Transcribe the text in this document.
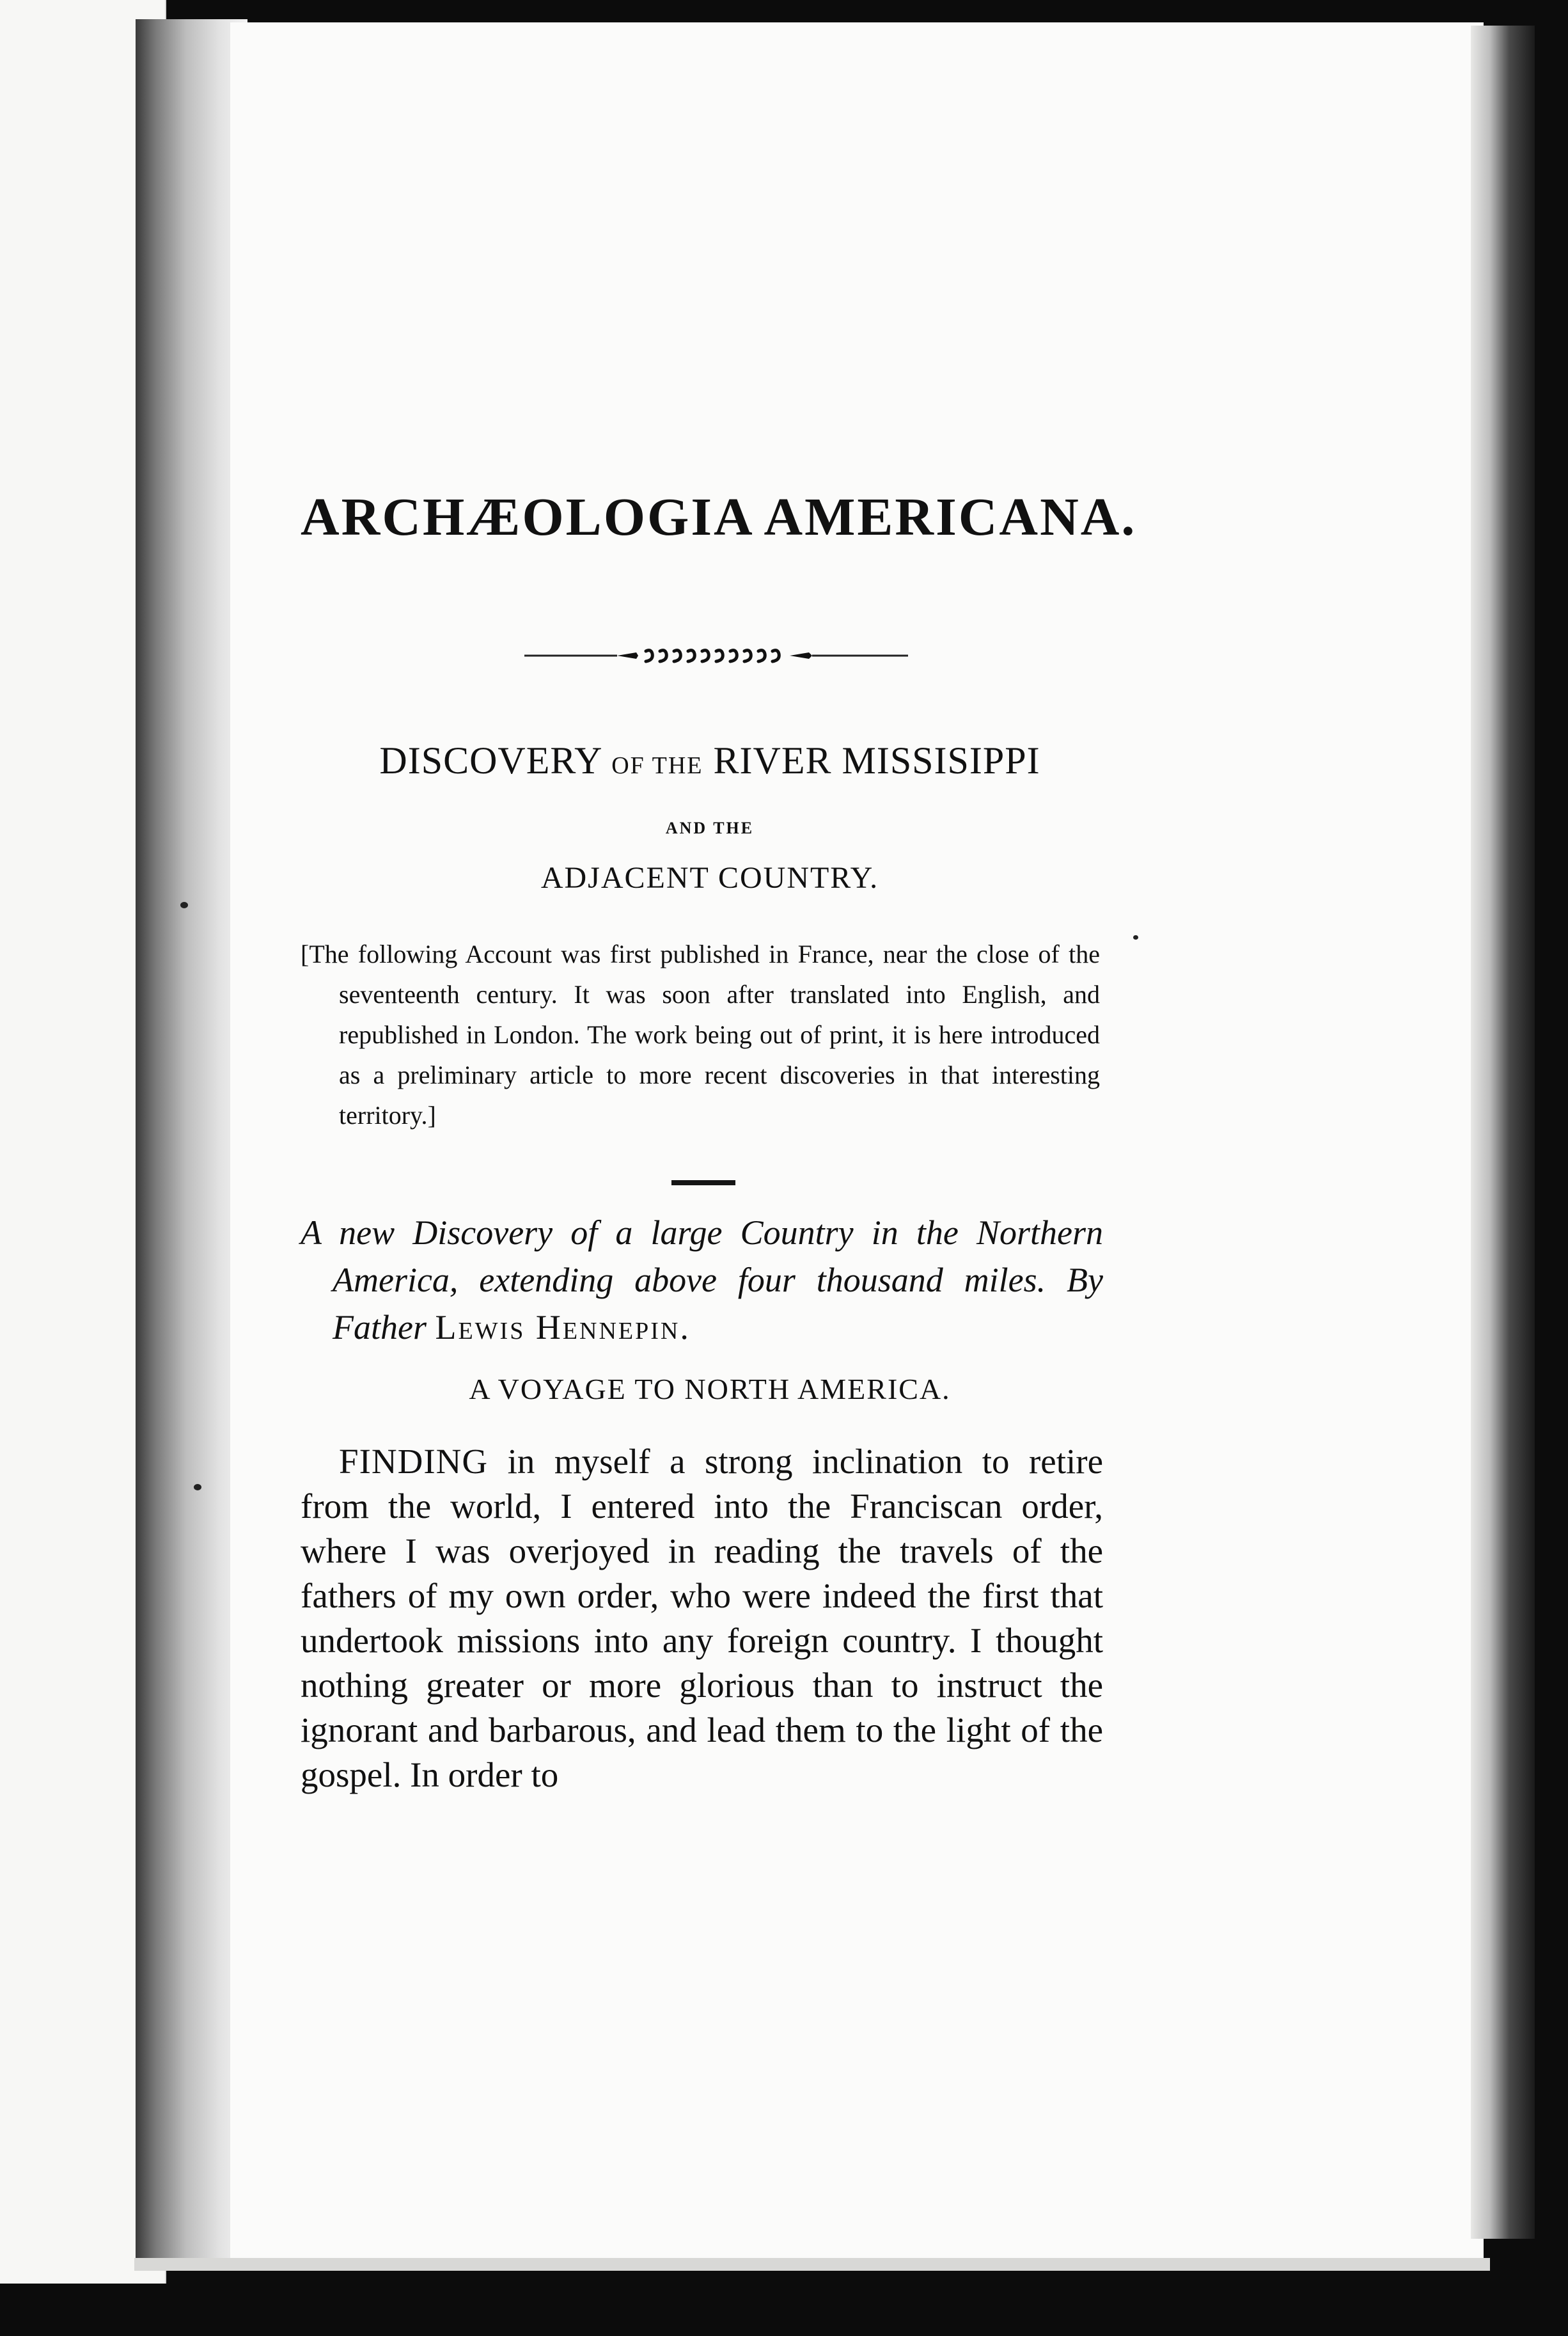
ARCHÆOLOGIA AMERICANA.
DISCOVERY OF THE RIVER MISSISIPPI
AND THE
ADJACENT COUNTRY.
[The following Account was first published in France, near the close of the seventeenth century. It was soon after translated into English, and republished in London. The work being out of print, it is here introduced as a preliminary article to more recent discoveries in that interesting territory.]
A new Discovery of a large Country in the Northern America, extending above four thousand miles. By Father Lewis Hennepin.
A VOYAGE TO NORTH AMERICA.
FINDING in myself a strong inclination to retire from the world, I entered into the Franciscan order, where I was overjoyed in reading the travels of the fathers of my own order, who were indeed the first that undertook missions into any foreign country. I thought nothing greater or more glorious than to instruct the ignorant and barbarous, and lead them to the light of the gospel. In order to
